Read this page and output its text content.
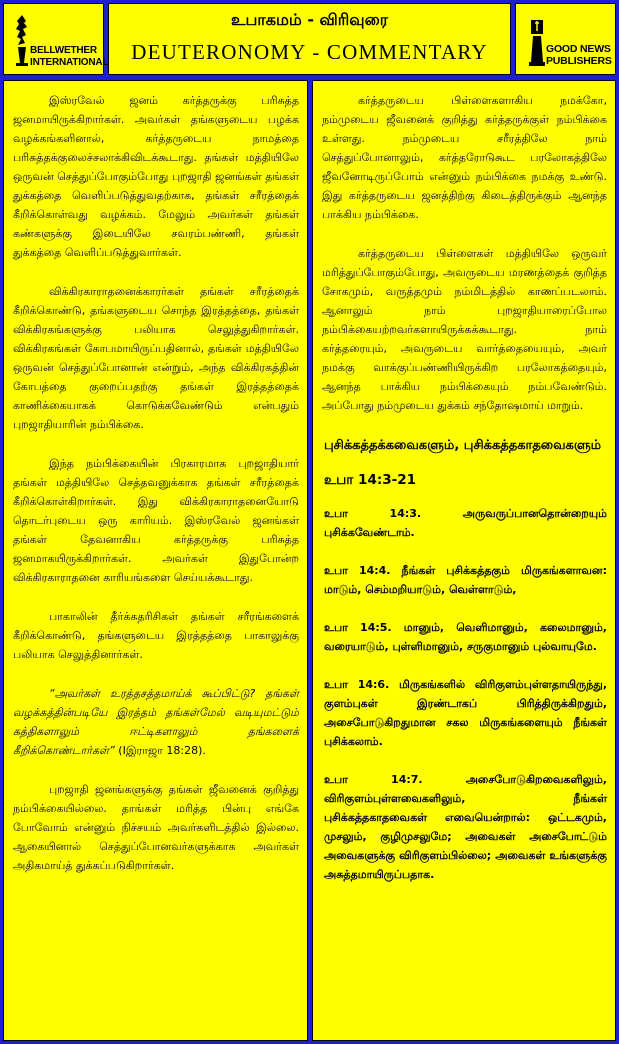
BELLWETHER
INTERNATIONAL
உபாகமம் - விரிவுரை
DEUTERONOMY - COMMENTARY	GOOD NEWS
PUBLISHERS

இஸ்ரவேல் ஜனம் கர்த்தருக்கு பரிசுத்த ஜனமாயிருக்கிறார்கள். அவர்கள் தங்களுடைய பழக்க வழக்கங்களினால், கர்த்தருடைய நாமத்தை பரிசுத்தக்குலைச்சலாக்கிவிடக்கூடாது. தங்கள் மத்தியிலே ஒருவன் செத்துப்போகும்போது புறஜாதி ஜனங்கள் தங்கள் துக்கத்தை வெளிப்படுத்துவதற்காக, தங்கள் சரீரத்தைக் கீறிக்கொள்வது வழக்கம். மேலும் அவர்கள் தங்கள் கண்களுக்கு இடையிலே சவரம்பண்ணி, தங்கள் துக்கத்தை வெளிப்படுத்துவார்கள்.

விக்கிரகாராதனைக்காரர்கள் தங்கள் சரீரத்தைக் கீறிக்கொண்டு, தங்களுடைய சொந்த இரத்தத்தை, தங்கள் விக்கிரகங்களுக்கு பலியாக செலுத்துகிறார்கள். விக்கிரகங்கள் கோபமாயிருப்பதினால், தங்கள் மத்தியிலே ஒருவன் செத்துப்போனான் என்றும், அந்த விக்கிரகத்தின் கோபத்தை குறைப்பதற்கு தங்கள் இரத்தத்தைக் காணிக்கையாகக் கொடுக்கவேண்டும் என்பதும் புறஜாதியாரின் நம்பிக்கை.

இந்த நம்பிக்கையின் பிரகாரமாக புறஜாதியார் தங்கள் மத்தியிலே செத்தவனுக்காக தங்கள் சரீரத்தைக் கீறிக்கொள்கிறார்கள். இது விக்கிரகாராதனையோடு தொடர்புடைய ஒரு காரியம். இஸ்ரவேல் ஜனங்கள் தங்கள் தேவனாகிய கர்த்தருக்கு பரிசுத்த ஜனமாகயிருக்கிறார்கள். அவர்கள் இதுபோன்ற விக்கிரகாராதனை காரியங்களை செய்யக்கூடாது.

பாகாலின் தீர்க்கதரிசிகள் தங்கள் சரீரங்களைக் கீறிக்கொண்டு, தங்களுடைய இரத்தத்தை பாகாலுக்கு பலியாக செலுத்தினார்கள்.

“அவர்கள் உரத்தசத்தமாய்க் கூப்பிட்டு? தங்கள் வழக்கத்தின்படியே இரத்தம் தங்கள்மேல் வடியுமட்டும் கத்திகளாலும் ஈட்டிகளாலும் தங்களைக் கீறிக்கொண்டார்கள்” (Iஇராஜா 18:28).

புறஜாதி ஜனங்களுக்கு தங்கள் ஜீவனைக் குறித்து நம்பிக்கையில்லை. தாங்கள் மரித்த பின்பு எங்கே போவோம் என்னும் நிச்சயம் அவர்களிடத்தில் இல்லை. ஆகையினால் செத்துப்போனவர்களுக்காக அவர்கள் அதிகமாய்த் துக்கப்படுகிறார்கள்.

கர்த்தருடைய பிள்ளைகளாகிய நமக்கோ, நம்முடைய ஜீவனைக் குறித்து கர்த்தருக்குள் நம்பிக்கை உள்ளது. நம்முடைய சரீரத்திலே நாம் செத்துப்போனாலும், கர்த்தரோடுகூட பரலோகத்திலே ஜீவனோடிருப்போம் என்னும் நம்பிக்கை நமக்கு உண்டு. இது கர்த்தருடைய ஜனத்திற்கு கிடைத்திருக்கும் ஆனந்த பாக்கிய நம்பிக்கை.

கர்த்தருடைய பிள்ளைகள் மத்தியிலே ஒருவர் மரித்துப்போகும்போது, அவருடைய மரணத்தைக் குறித்த சோகமும், வருத்தமும் நம்மிடத்தில் காணப்படலாம். ஆனாலும் நாம் புறஜாதியாரைப்போல நம்பிக்கையற்றவர்களாயிருக்கக்கூடாது. நாம் கர்த்தரையும், அவருடைய வார்த்தையையும், அவர் நமக்கு வாக்குப்பண்ணியிருக்கிற பரலோகத்தையும், ஆனந்த பாக்கிய நம்பிக்கையும் நம்பவேண்டும். அப்போது நம்முடைய துக்கம் சந்தோஷமாய் மாறும்.

புசிக்கத்தக்கவைகளும், புசிக்கத்தகாதவைகளும்
உபா 14:3-21

உபா 14:3. அருவருப்பானதொன்றையும் புசிக்கவேண்டாம்.

உபா 14:4. நீங்கள் புசிக்கத்தகும் மிருகங்களாவன: மாடும், செம்மறியாடும், வெள்ளாடும்,

உபா 14:5. மானும், வெளிமானும், கலைமானும், வரையாடும், புள்ளிமானும், சருகுமானும் புல்வாயுமே.

உபா 14:6. மிருகங்களில் விரிகுளம்புள்ளதாயிருந்து, குளம்புகள் இரண்டாகப் பிரித்திருக்கிறதும், அசைபோடுகிறதுமான சகல மிருகங்களையும் நீங்கள் புசிக்கலாம்.

உபா 14:7. அசைபோடுகிறவைகளிலும், விரிகுளம்புள்ளவைகளிலும், நீங்கள் புசிக்கத்தகாதவைகள் எவையென்றால்: ஒட்டகமும், முசலும், குழிமுசலுமே; அவைகள் அசைபோட்டும் அவைகளுக்கு விரிகுளம்பில்லை; அவைகள் உங்களுக்கு அசுத்தமாயிருப்பதாக.
